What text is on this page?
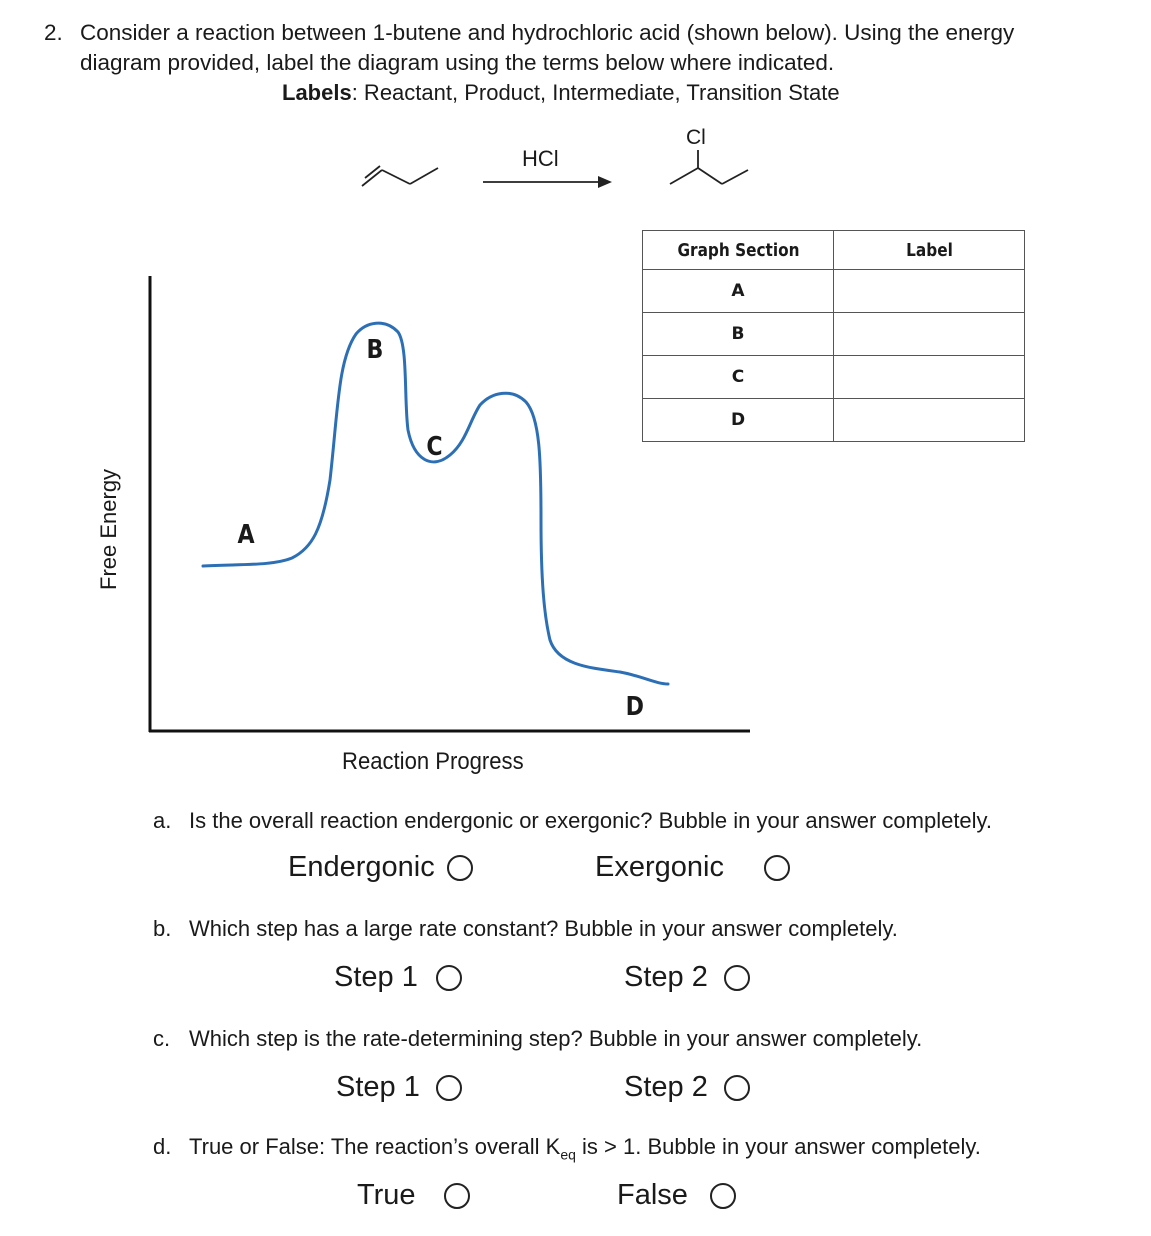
2. Consider a reaction between 1-butene and hydrochloric acid (shown below). Using the energy
diagram provided, label the diagram using the terms below where indicated.
Labels: Reactant, Product, Intermediate, Transition State
HCl
Cl
Graph Section	Label
A	
B	
C	
D	
A
B
C
D
Free Energy
Reaction Progress
a. Is the overall reaction endergonic or exergonic? Bubble in your answer completely.
Endergonic	Exergonic
b. Which step has a large rate constant? Bubble in your answer completely.
Step 1	Step 2
c. Which step is the rate-determining step? Bubble in your answer completely.
Step 1	Step 2
d. True or False: The reaction’s overall $K_{eq}$ is > 1. Bubble in your answer completely.
True	False
